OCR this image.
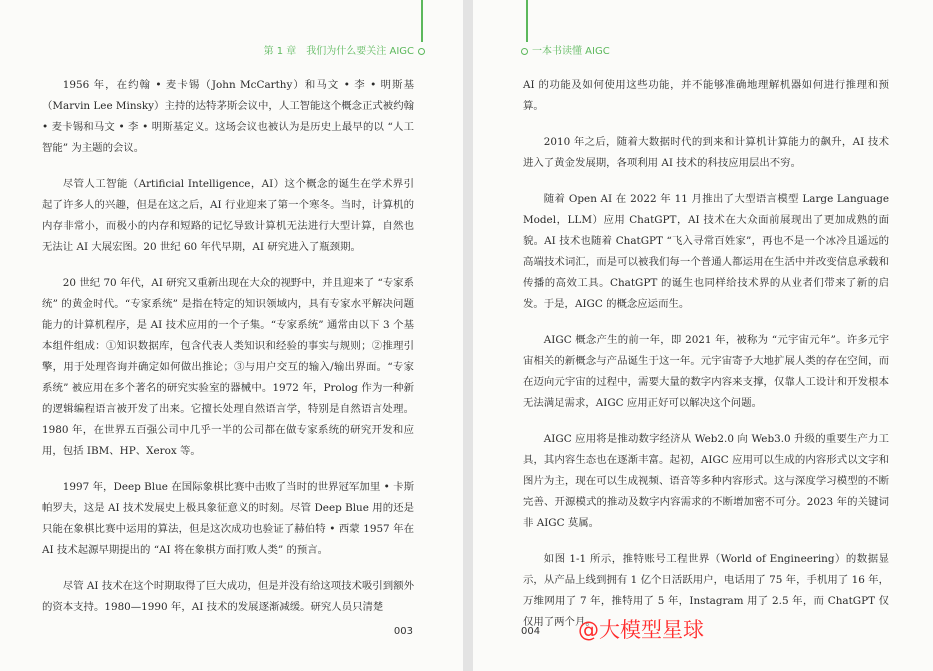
第 1 章　我们为什么要关注 AIGC

1956 年，在约翰 • 麦卡锡（John McCarthy）和马文 • 李 • 明斯基（Marvin Lee Minsky）主持的达特茅斯会议中，人工智能这个概念正式被约翰 • 麦卡锡和马文 • 李 • 明斯基定义。这场会议也被认为是历史上最早的以 “人工智能” 为主题的会议。

尽管人工智能（Artificial Intelligence，AI）这个概念的诞生在学术界引起了许多人的兴趣，但是在这之后，AI 行业迎来了第一个寒冬。当时，计算机的内存非常小，而极小的内存和短路的记忆导致计算机无法进行大型计算，自然也无法让 AI 大展宏图。20 世纪 60 年代早期，AI 研究进入了瓶颈期。

20 世纪 70 年代，AI 研究又重新出现在大众的视野中，并且迎来了 “专家系统” 的黄金时代。“专家系统” 是指在特定的知识领域内，具有专家水平解决问题能力的计算机程序，是 AI 技术应用的一个子集。“专家系统” 通常由以下 3 个基本组件组成：①知识数据库，包含代表人类知识和经验的事实与规则；②推理引擎，用于处理咨询并确定如何做出推论；③与用户交互的输入/输出界面。“专家系统” 被应用在多个著名的研究实验室的器械中。1972 年，Prolog 作为一种新的逻辑编程语言被开发了出来。它擅长处理自然语言学，特别是自然语言处理。1980 年，在世界五百强公司中几乎一半的公司都在做专家系统的研究开发和应用，包括 IBM、HP、Xerox 等。

1997 年，Deep Blue 在国际象棋比赛中击败了当时的世界冠军加里 • 卡斯帕罗夫，这是 AI 技术发展史上极具象征意义的时刻。尽管 Deep Blue 用的还是只能在象棋比赛中运用的算法，但是这次成功也验证了赫伯特 • 西蒙 1957 年在 AI 技术起源早期提出的 “AI 将在象棋方面打败人类” 的预言。

尽管 AI 技术在这个时期取得了巨大成功，但是并没有给这项技术吸引到额外的资本支持。1980—1990 年，AI 技术的发展逐渐减缓。研究人员只清楚

003
一本书读懂 AIGC

AI 的功能及如何使用这些功能，并不能够准确地理解机器如何进行推理和预算。

2010 年之后，随着大数据时代的到来和计算机计算能力的飙升，AI 技术进入了黄金发展期，各项利用 AI 技术的科技应用层出不穷。

随着 Open AI 在 2022 年 11 月推出了大型语言模型 Large Language Model，LLM）应用 ChatGPT，AI 技术在大众面前展现出了更加成熟的面貌。AI 技术也随着 ChatGPT “飞入寻常百姓家”，再也不是一个冰冷且遥远的高端技术词汇，而是可以被我们每一个普通人都运用在生活中并改变信息承载和传播的高效工具。ChatGPT 的诞生也同样给技术界的从业者们带来了新的启发。于是，AIGC 的概念应运而生。

AIGC 概念产生的前一年，即 2021 年，被称为 “元宇宙元年”。许多元宇宙相关的新概念与产品诞生于这一年。元宇宙寄予大地扩展人类的存在空间，而在迈向元宇宙的过程中，需要大量的数字内容来支撑，仅靠人工设计和开发根本无法满足需求，AIGC 应用正好可以解决这个问题。

AIGC 应用将是推动数字经济从 Web2.0 向 Web3.0 升级的重要生产力工具，其内容生态也在逐渐丰富。起初，AIGC 应用可以生成的内容形式以文字和图片为主，现在可以生成视频、语音等多种内容形式。这与深度学习模型的不断完善、开源模式的推动及数字内容需求的不断增加密不可分。2023 年的关键词非 AIGC 莫属。

如图 1-1 所示，推特账号工程世界（World of Engineering）的数据显示，从产品上线到拥有 1 亿个日活跃用户，电话用了 75 年，手机用了 16 年，万维网用了 7 年，推特用了 5 年，Instagram 用了 2.5 年，而 ChatGPT 仅仅用了两个月。

004 @大模型星球
